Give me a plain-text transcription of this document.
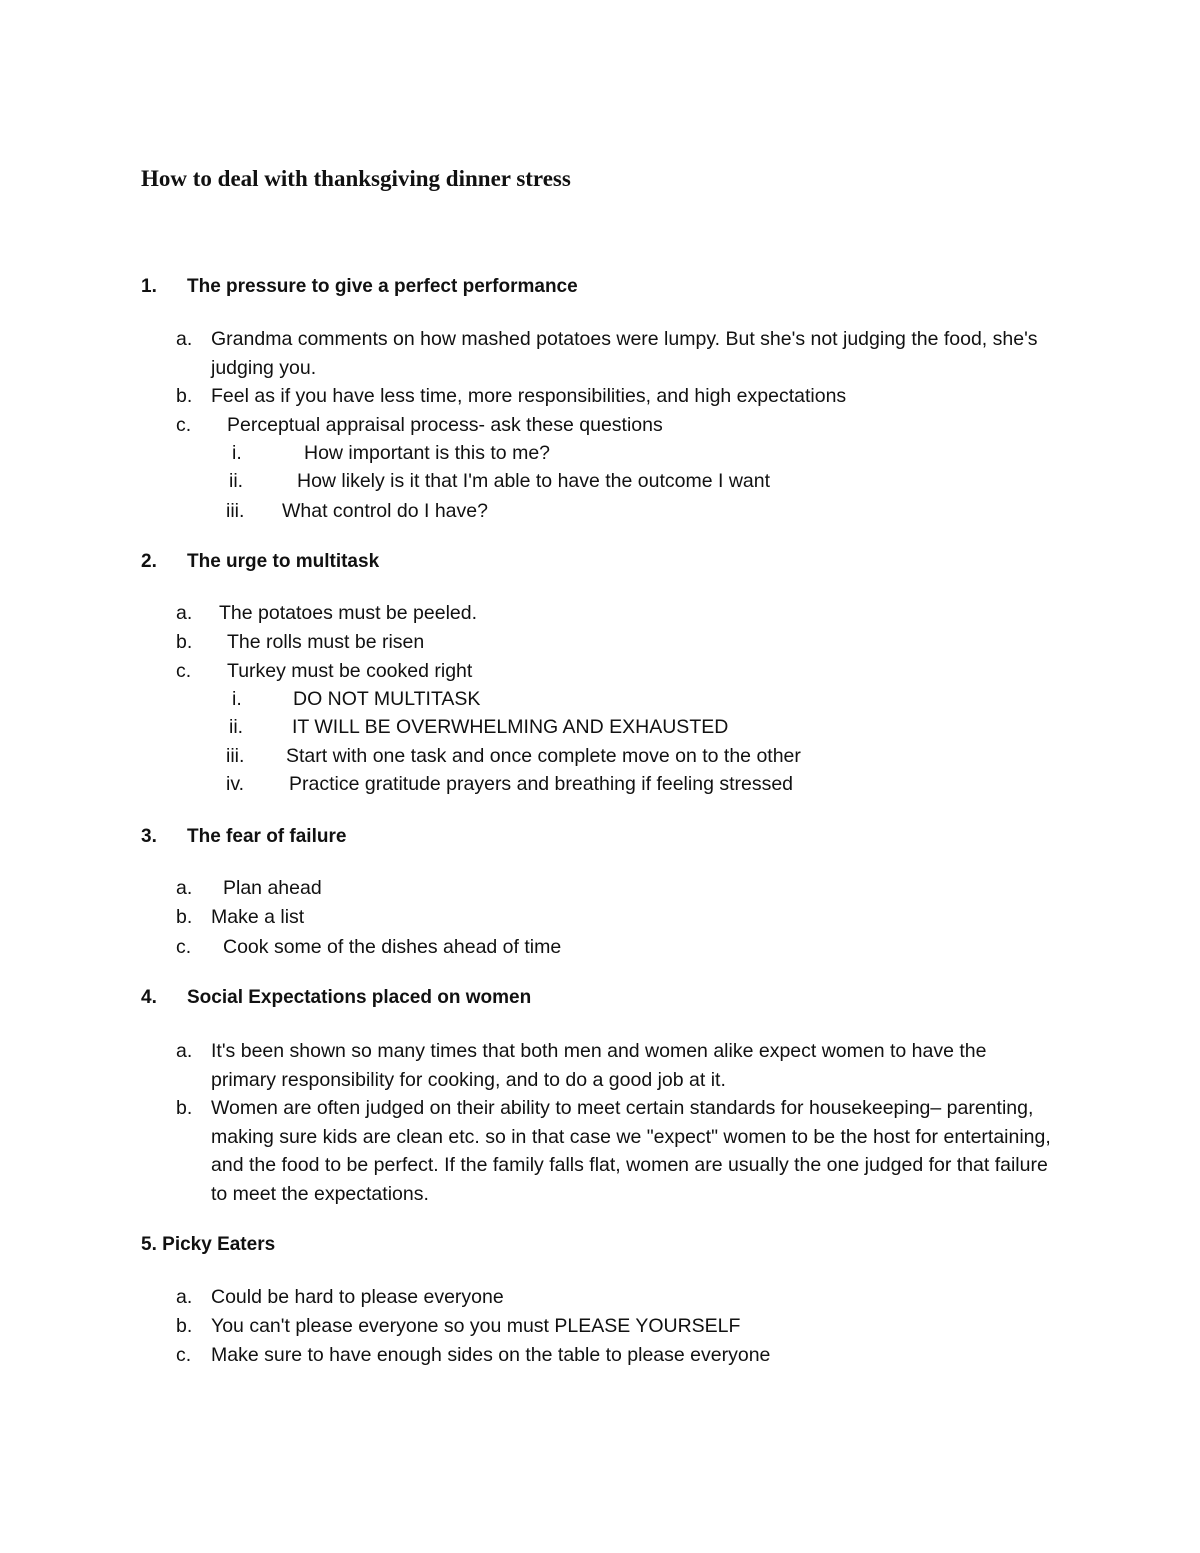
How to deal with thanksgiving dinner stress
1. The pressure to give a perfect performance
a. Grandma comments on how mashed potatoes were lumpy. But she's not judging the food, she's judging you.
b. Feel as if you have less time, more responsibilities, and high expectations
c.	Perceptual appraisal process- ask these questions
i.	How important is this to me?
ii.	How likely is it that I'm able to have the outcome I want
iii. What control do I have?
2. The urge to multitask
a.	The potatoes must be peeled.
b.	The rolls must be risen
c.	Turkey must be cooked right
i.	DO NOT MULTITASK
ii.	IT WILL BE OVERWHELMING AND EXHAUSTED
iii. Start with one task and once complete move on to the other
iv. Practice gratitude prayers and breathing if feeling stressed
3. The fear of failure
a.	Plan ahead
b. Make a list
c.	Cook some of the dishes ahead of time
4. Social Expectations placed on women
a. It's been shown so many times that both men and women alike expect women to have the primary responsibility for cooking, and to do a good job at it.
b. Women are often judged on their ability to meet certain standards for housekeeping– parenting, making sure kids are clean etc. so in that case we "expect" women to be the host for entertaining, and the food to be perfect. If the family falls flat, women are usually the one judged for that failure to meet the expectations.
5. Picky Eaters
a. Could be hard to please everyone
b. You can't please everyone so you must PLEASE YOURSELF
c.	Make sure to have enough sides on the table to please everyone
